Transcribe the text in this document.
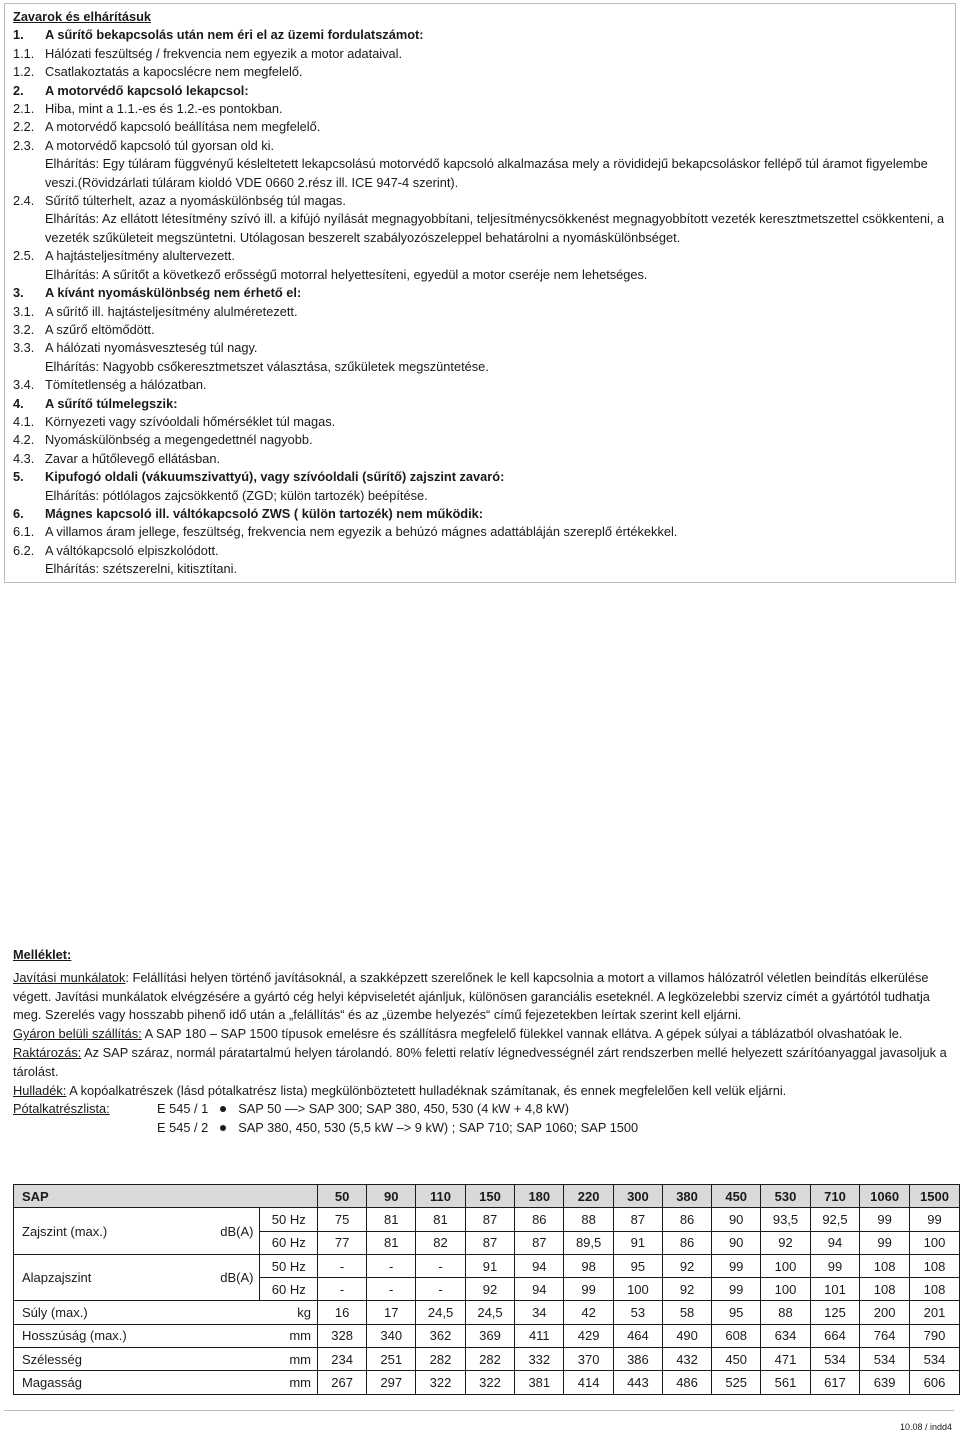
Zavarok és elhárításuk
1. A sűrítő bekapcsolás után nem éri el az üzemi fordulatszámot:
1.1. Hálózati feszültség / frekvencia nem egyezik a motor adataival.
1.2. Csatlakoztatás a kapocslécre nem megfelelő.
2. A motorvédő kapcsoló lekapcsol:
2.1. Hiba, mint a 1.1.-es és 1.2.-es pontokban.
2.2. A motorvédő kapcsoló beállítása nem megfelelő.
2.3. A motorvédő kapcsoló túl gyorsan old ki.
Elhárítás: Egy túláram függvényű késleltetett lekapcsolású motorvédő kapcsoló alkalmazása mely a rövididejű bekapcsoláskor fellépő túl áramot figyelembe veszi.(Rövidzárlati túláram kioldó VDE 0660 2.rész ill. ICE 947-4 szerint).
2.4. Sűrítő túlterhelt, azaz a nyomáskülönbség túl magas.
Elhárítás: Az ellátott létesítmény szívó ill. a kifújó nyílását megnagyobbítani, teljesítménycsökkenést megnagyobbított vezeték keresztmetszettel csökkenteni, a vezeték szűkületeit megszüntetni. Utólagosan beszerelt szabályozószeleppel behatárolni a nyomáskülönbséget.
2.5. A hajtásteljesítmény alultervezett.
Elhárítás: A sűrítőt a következő erősségű motorral helyettesíteni, egyedül a motor cseréje nem lehetséges.
3. A kívánt nyomáskülönbség nem érhető el:
3.1. A sűrítő ill. hajtásteljesítmény alulméretezett.
3.2. A szűrő eltömődött.
3.3. A hálózati nyomásveszteség túl nagy.
Elhárítás: Nagyobb csőkeresztmetszet választása, szűkületek megszüntetése.
3.4. Tömítetlenség a hálózatban.
4. A sűrítő túlmelegszik:
4.1. Környezeti vagy szívóoldali hőmérséklet túl magas.
4.2. Nyomáskülönbség a megengedettnél nagyobb.
4.3. Zavar a hűtőlevegő ellátásban.
5. Kipufogó oldali (vákuumszivattyú), vagy szívóoldali (sűrítő) zajszint zavaró:
Elhárítás: pótlólagos zajcsökkentő (ZGD; külön tartozék) beépítése.
6. Mágnes kapcsoló ill. váltókapcsoló ZWS ( külön tartozék) nem működik:
6.1. A villamos áram jellege, feszültség, frekvencia nem egyezik a behúzó mágnes adattábláján szereplő értékekkel.
6.2. A váltókapcsoló elpiszkolódott.
Elhárítás: szétszerelni, kitisztítani.
Melléklet:
Javítási munkálatok: Felállítási helyen történő javításoknál, a szakképzett szerelőnek le kell kapcsolnia a motort a villamos hálózatról véletlen beindítás elkerülése végett. Javítási munkálatok elvégzésére a gyártó cég helyi képviseletét ajánljuk, különösen garanciális eseteknél. A legközelebbi szerviz címét a gyártótól tudhatja meg. Szerelés vagy hosszabb pihenő idő után a „felállítás“ és az „üzembe helyezés“ című fejezetekben leírtak szerint kell eljárni.
Gyáron belüli szállítás: A SAP 180 – SAP 1500 típusok emelésre és szállításra megfelelő fülekkel vannak ellátva. A gépek súlyai a táblázatból olvashatóak le.
Raktározás: Az SAP száraz, normál páratartalmú helyen tárolandó. 80% feletti relatív légnedvességnél zárt rendszerben mellé helyezett szárítóanyaggal javasoljuk a tárolást.
Hulladék: A kopóalkatrészek (lásd pótalkatrész lista) megkülönböztetett hulladéknak számítanak, és ennek megfelelően kell velük eljárni.
Pótalkatrészlista:	E 545 / 1		SAP 50 —> SAP 300; SAP 380, 450, 530 (4 kW + 4,8 kW)
	E 545 / 2		SAP 380, 450, 530 (5,5 kW –> 9 kW) ; SAP 710; SAP 1060; SAP 1500
SAP			50	90	110	150	180	220	300	380	450	530	710	1060	1500
Zajszint (max.)	dB(A)	50 Hz	75	81	81	87	86	88	87	86	90	93,5	92,5	99	99
		60 Hz	77	81	82	87	87	89,5	91	86	90	92	94	99	100
Alapzajszint	dB(A)	50 Hz	-	-	-	91	94	98	95	92	99	100	99	108	108
		60 Hz	-	-	-	92	94	99	100	92	99	100	101	108	108
Súly (max.)		kg	16	17	24,5	24,5	34	42	53	58	95	88	125	200	201
Hosszúság (max.)		mm	328	340	362	369	411	429	464	490	608	634	664	764	790
Szélesség		mm	234	251	282	282	332	370	386	432	450	471	534	534	534
Magasság		mm	267	297	322	322	381	414	443	486	525	561	617	639	606
10.08 / indd4
